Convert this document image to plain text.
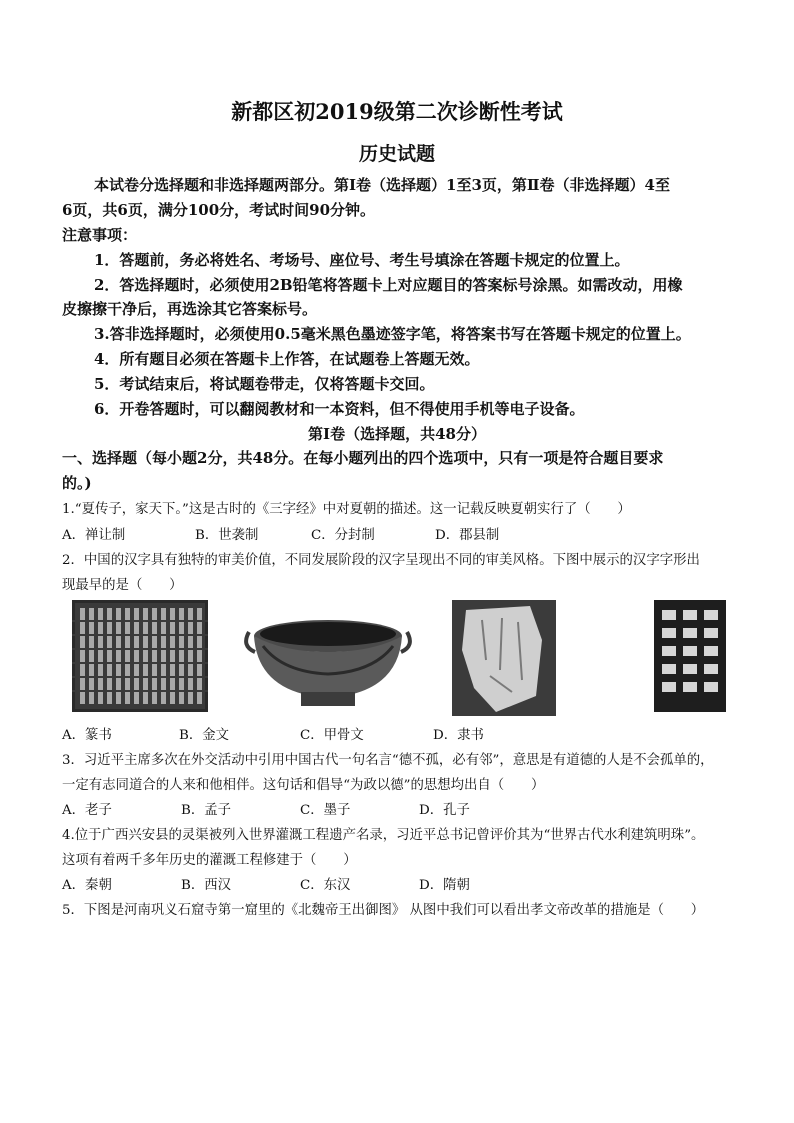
新都区初2019级第二次诊断性考试
历史试题
本试卷分选择题和非选择题两部分。第Ⅰ卷（选择题）1至3页，第Ⅱ卷（非选择题）4至
6页，共6页，满分100分，考试时间90分钟。
注意事项：
1．答题前，务必将姓名、考场号、座位号、考生号填涂在答题卡规定的位置上。
2．答选择题时，必须使用2B铅笔将答题卡上对应题目的答案标号涂黑。如需改动，用橡
皮擦擦干净后，再选涂其它答案标号。
3.答非选择题时，必须使用0.5毫米黑色墨迹签字笔，将答案书写在答题卡规定的位置上。
4．所有题目必须在答题卡上作答，在试题卷上答题无效。
5．考试结束后，将试题卷带走，仅将答题卡交回。
6．开卷答题时，可以翻阅教材和一本资料，但不得使用手机等电子设备。
第Ⅰ卷（选择题，共48分）
一、选择题（每小题2分，共48分。在每小题列出的四个选项中，只有一项是符合题目要求
的。)
1.“夏传子，家天下。”这是古时的《三字经》中对夏朝的描述。这一记载反映夏朝实行了（　　）
A．禅让制	B．世袭制	C．分封制	D．郡县制
2．中国的汉字具有独特的审美价值，不同发展阶段的汉字呈现出不同的审美风格。下图中展示的汉字字形出
现最早的是（　　）
A．篆书	B．金文	C．甲骨文	D．隶书
3．习近平主席多次在外交活动中引用中国古代一句名言“德不孤，必有邻”，意思是有道德的人是不会孤单的，
一定有志同道合的人来和他相伴。这句话和倡导“为政以德”的思想均出自（　　）
A．老子	B．孟子	C．墨子	D．孔子
4.位于广西兴安县的灵渠被列入世界灌溉工程遗产名录，习近平总书记曾评价其为“世界古代水利建筑明珠”。
这项有着两千多年历史的灌溉工程修建于（　　）
A．秦朝	B．西汉	C．东汉	D．隋朝
5．下图是河南巩义石窟寺第一窟里的《北魏帝王出御图》 从图中我们可以看出孝文帝改革的措施是（　　）
